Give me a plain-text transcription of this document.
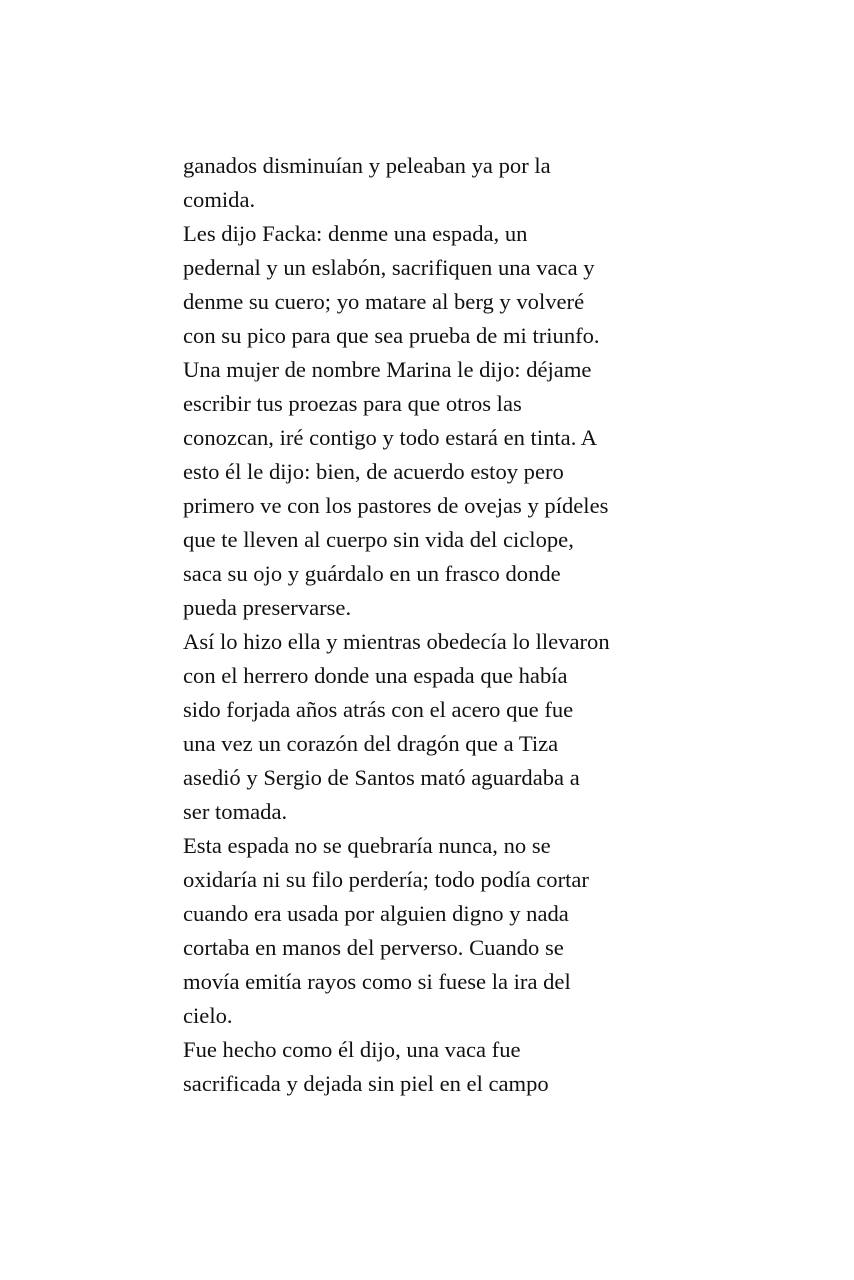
ganados disminuían y peleaban ya por la
comida.
Les dijo Facka: denme una espada, un
pedernal y un eslabón, sacrifiquen una vaca y
denme su cuero; yo matare al berg y volveré
con su pico para que sea prueba de mi triunfo.
Una mujer de nombre Marina le dijo: déjame
escribir tus proezas para que otros las
conozcan, iré contigo y todo estará en tinta. A
esto él le dijo: bien, de acuerdo estoy pero
primero ve con los pastores de ovejas y pídeles
que te lleven al cuerpo sin vida del ciclope,
saca su ojo y guárdalo en un frasco donde
pueda preservarse.
Así lo hizo ella y mientras obedecía lo llevaron
con el herrero donde una espada que había
sido forjada años atrás con el acero que fue
una vez un corazón del dragón que a Tiza
asedió y Sergio de Santos mató aguardaba a
ser tomada.
Esta espada no se quebraría nunca, no se
oxidaría ni su filo perdería; todo podía cortar
cuando era usada por alguien digno y nada
cortaba en manos del perverso. Cuando se
movía emitía rayos como si fuese la ira del
cielo.
Fue hecho como él dijo, una vaca fue
sacrificada y dejada sin piel en el campo
